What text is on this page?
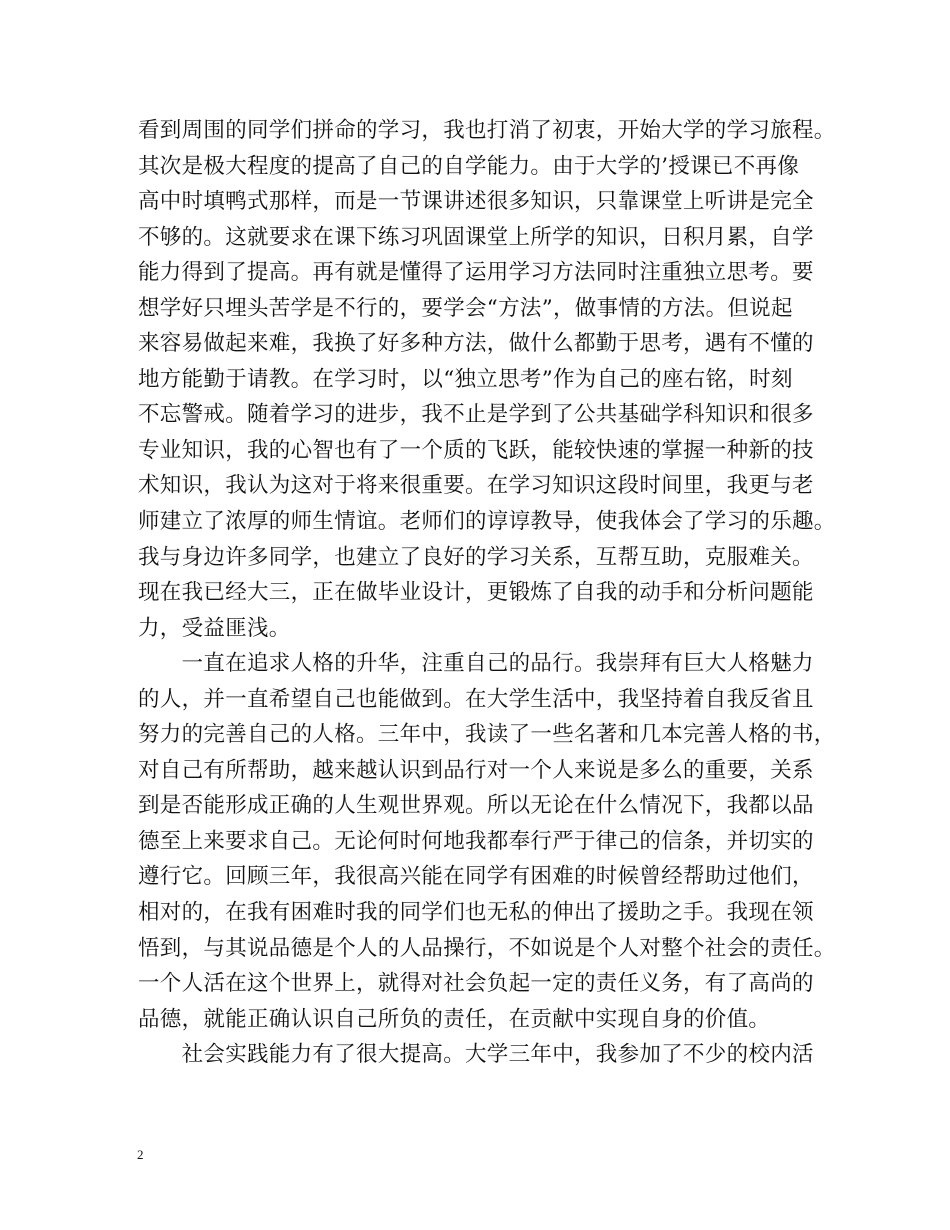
看到周围的同学们拼命的学习，我也打消了初衷，开始大学的学习旅程。
其次是极大程度的提高了自己的自学能力。由于大学的’授课已不再像
高中时填鸭式那样，而是一节课讲述很多知识，只靠课堂上听讲是完全
不够的。这就要求在课下练习巩固课堂上所学的知识，日积月累，自学
能力得到了提高。再有就是懂得了运用学习方法同时注重独立思考。要
想学好只埋头苦学是不行的，要学会“方法”，做事情的方法。但说起
来容易做起来难，我换了好多种方法，做什么都勤于思考，遇有不懂的
地方能勤于请教。在学习时，以“独立思考”作为自己的座右铭，时刻
不忘警戒。随着学习的进步，我不止是学到了公共基础学科知识和很多
专业知识，我的心智也有了一个质的飞跃，能较快速的掌握一种新的技
术知识，我认为这对于将来很重要。在学习知识这段时间里，我更与老
师建立了浓厚的师生情谊。老师们的谆谆教导，使我体会了学习的乐趣。
我与身边许多同学，也建立了良好的学习关系，互帮互助，克服难关。
现在我已经大三，正在做毕业设计，更锻炼了自我的动手和分析问题能
力，受益匪浅。
　　一直在追求人格的升华，注重自己的品行。我崇拜有巨大人格魅力
的人，并一直希望自己也能做到。在大学生活中，我坚持着自我反省且
努力的完善自己的人格。三年中，我读了一些名著和几本完善人格的书，
对自己有所帮助，越来越认识到品行对一个人来说是多么的重要，关系
到是否能形成正确的人生观世界观。所以无论在什么情况下，我都以品
德至上来要求自己。无论何时何地我都奉行严于律己的信条，并切实的
遵行它。回顾三年，我很高兴能在同学有困难的时候曾经帮助过他们，
相对的，在我有困难时我的同学们也无私的伸出了援助之手。我现在领
悟到，与其说品德是个人的人品操行，不如说是个人对整个社会的责任。
一个人活在这个世界上，就得对社会负起一定的责任义务，有了高尚的
品德，就能正确认识自己所负的责任，在贡献中实现自身的价值。
　　社会实践能力有了很大提高。大学三年中，我参加了不少的校内活
2
